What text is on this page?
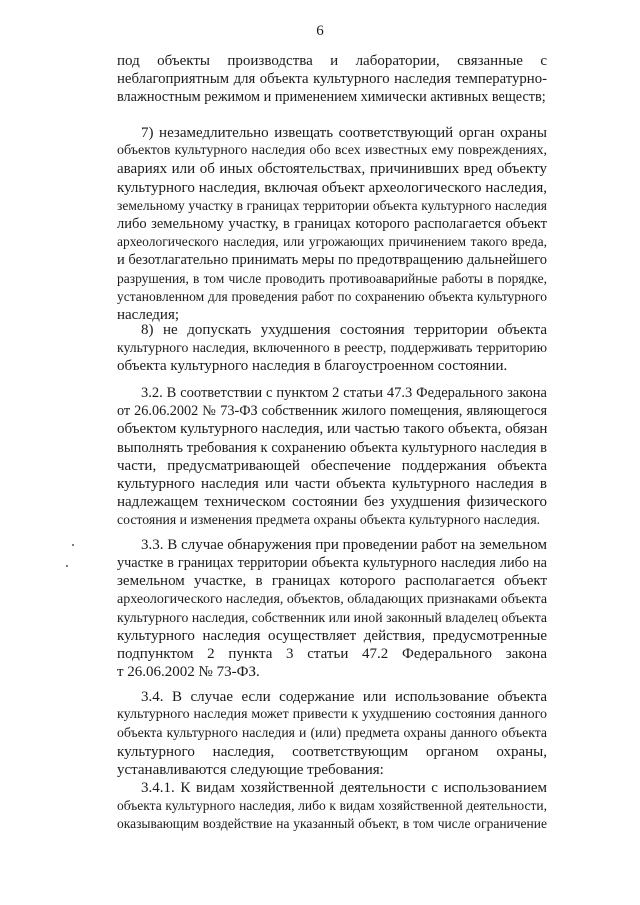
6
под объекты производства и лаборатории, связанные с
неблагоприятным для объекта культурного наследия температурно-
влажностным режимом и применением химически активных веществ;
7) незамедлительно извещать соответствующий орган охраны
объектов культурного наследия обо всех известных ему повреждениях,
авариях или об иных обстоятельствах, причинивших вред объекту
культурного наследия, включая объект археологического наследия,
земельному участку в границах территории объекта культурного наследия
либо земельному участку, в границах которого располагается объект
археологического наследия, или угрожающих причинением такого вреда,
и безотлагательно принимать меры по предотвращению дальнейшего
разрушения, в том числе проводить противоаварийные работы в порядке,
установленном для проведения работ по сохранению объекта культурного
наследия;
8) не допускать ухудшения состояния территории объекта
культурного наследия, включенного в реестр, поддерживать территорию
объекта культурного наследия в благоустроенном состоянии.
3.2. В соответствии с пунктом 2 статьи 47.3 Федерального закона
от 26.06.2002 № 73-ФЗ собственник жилого помещения, являющегося
объектом культурного наследия, или частью такого объекта, обязан
выполнять требования к сохранению объекта культурного наследия в
части, предусматривающей обеспечение поддержания объекта
культурного наследия или части объекта культурного наследия в
надлежащем техническом состоянии без ухудшения физического
состояния и изменения предмета охраны объекта культурного наследия.
3.3. В случае обнаружения при проведении работ на земельном
участке в границах территории объекта культурного наследия либо на
земельном участке, в границах которого располагается объект
археологического наследия, объектов, обладающих признаками объекта
культурного наследия, собственник или иной законный владелец объекта
культурного наследия осуществляет действия, предусмотренные
подпунктом 2 пункта 3 статьи 47.2 Федерального закона
т 26.06.2002 № 73-ФЗ.
3.4. В случае если содержание или использование объекта
культурного наследия может привести к ухудшению состояния данного
объекта культурного наследия и (или) предмета охраны данного объекта
культурного наследия, соответствующим органом охраны,
устанавливаются следующие требования:
3.4.1. К видам хозяйственной деятельности с использованием
объекта культурного наследия, либо к видам хозяйственной деятельности,
оказывающим воздействие на указанный объект, в том числе ограничение
